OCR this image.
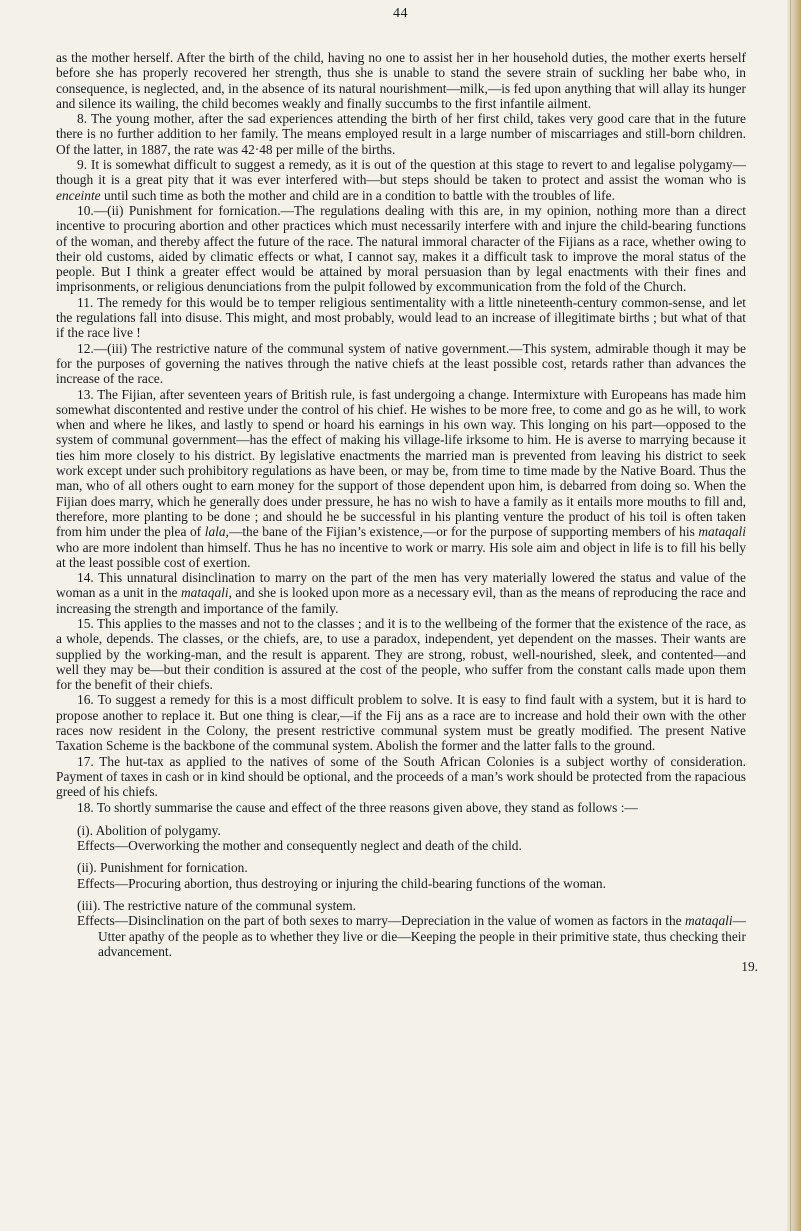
44

as the mother herself. After the birth of the child, having no one to assist her in her household duties, the mother exerts herself before she has properly recovered her strength, thus she is unable to stand the severe strain of suckling her babe who, in consequence, is neglected, and, in the absence of its natural nourishment—milk,—is fed upon anything that will allay its hunger and silence its wailing, the child becomes weakly and finally succumbs to the first infantile ailment.

8. The young mother, after the sad experiences attending the birth of her first child, takes very good care that in the future there is no further addition to her family. The means employed result in a large number of miscarriages and still-born children. Of the latter, in 1887, the rate was 42·48 per mille of the births.

9. It is somewhat difficult to suggest a remedy, as it is out of the question at this stage to revert to and legalise polygamy—though it is a great pity that it was ever interfered with—but steps should be taken to protect and assist the woman who is enceinte until such time as both the mother and child are in a condition to battle with the troubles of life.

10.—(ii) Punishment for fornication.—The regulations dealing with this are, in my opinion, nothing more than a direct incentive to procuring abortion and other practices which must necessarily interfere with and injure the child-bearing functions of the woman, and thereby affect the future of the race. The natural immoral character of the Fijians as a race, whether owing to their old customs, aided by climatic effects or what, I cannot say, makes it a difficult task to improve the moral status of the people. But I think a greater effect would be attained by moral persuasion than by legal enactments with their fines and imprisonments, or religious denunciations from the pulpit followed by excommunication from the fold of the Church.

11. The remedy for this would be to temper religious sentimentality with a little nineteenth-century common-sense, and let the regulations fall into disuse. This might, and most probably, would lead to an increase of illegitimate births ; but what of that if the race live !

12.—(iii) The restrictive nature of the communal system of native government.—This system, admirable though it may be for the purposes of governing the natives through the native chiefs at the least possible cost, retards rather than advances the increase of the race.

13. The Fijian, after seventeen years of British rule, is fast undergoing a change. Intermixture with Europeans has made him somewhat discontented and restive under the control of his chief. He wishes to be more free, to come and go as he will, to work when and where he likes, and lastly to spend or hoard his earnings in his own way. This longing on his part—opposed to the system of communal government—has the effect of making his village-life irksome to him. He is averse to marrying because it ties him more closely to his district. By legislative enactments the married man is prevented from leaving his district to seek work except under such prohibitory regulations as have been, or may be, from time to time made by the Native Board. Thus the man, who of all others ought to earn money for the support of those dependent upon him, is debarred from doing so. When the Fijian does marry, which he generally does under pressure, he has no wish to have a family as it entails more mouths to fill and, therefore, more planting to be done ; and should he be successful in his planting venture the product of his toil is often taken from him under the plea of lala,—the bane of the Fijian’s existence,—or for the purpose of supporting members of his mataqali who are more indolent than himself. Thus he has no incentive to work or marry. His sole aim and object in life is to fill his belly at the least possible cost of exertion.

14. This unnatural disinclination to marry on the part of the men has very materially lowered the status and value of the woman as a unit in the mataqali, and she is looked upon more as a necessary evil, than as the means of reproducing the race and increasing the strength and importance of the family.

15. This applies to the masses and not to the classes ; and it is to the wellbeing of the former that the existence of the race, as a whole, depends. The classes, or the chiefs, are, to use a paradox, independent, yet dependent on the masses. Their wants are supplied by the working-man, and the result is apparent. They are strong, robust, well-nourished, sleek, and contented—and well they may be—but their condition is assured at the cost of the people, who suffer from the constant calls made upon them for the benefit of their chiefs.

16. To suggest a remedy for this is a most difficult problem to solve. It is easy to find fault with a system, but it is hard to propose another to replace it. But one thing is clear,—if the Fij ans as a race are to increase and hold their own with the other races now resident in the Colony, the present restrictive communal system must be greatly modified. The present Native Taxation Scheme is the backbone of the communal system. Abolish the former and the latter falls to the ground.

17. The hut-tax as applied to the natives of some of the South African Colonies is a subject worthy of consideration. Payment of taxes in cash or in kind should be optional, and the proceeds of a man’s work should be protected from the rapacious greed of his chiefs.

18. To shortly summarise the cause and effect of the three reasons given above, they stand as follows :—

(i). Abolition of polygamy.
Effects—Overworking the mother and consequently neglect and death of the child.
(ii). Punishment for fornication.
Effects—Procuring abortion, thus destroying or injuring the child-bearing functions of the woman.
(iii). The restrictive nature of the communal system.
Effects—Disinclination on the part of both sexes to marry—Depreciation in the value of women as factors in the mataqali—Utter apathy of the people as to whether they live or die—Keeping the people in their primitive state, thus checking their advancement.
19.
